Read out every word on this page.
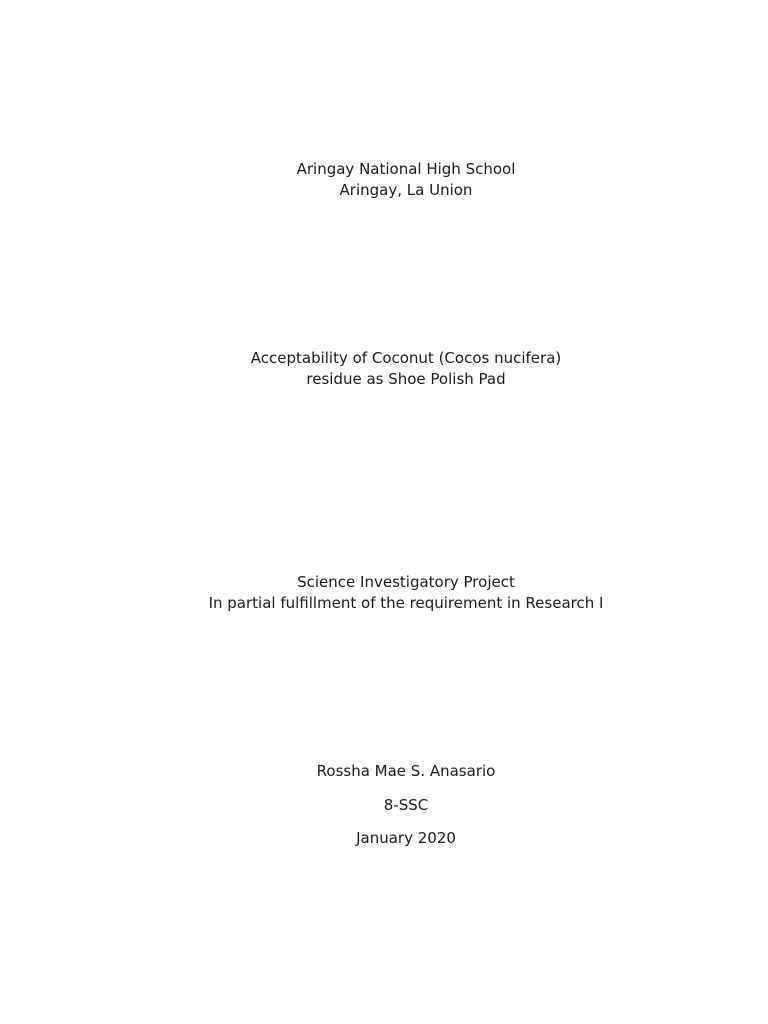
Aringay National High School
Aringay, La Union
Acceptability of Coconut (Cocos nucifera)
residue as Shoe Polish Pad
Science Investigatory Project
In partial fulfillment of the requirement in Research I
Rossha Mae S. Anasario
8-SSC
January 2020
